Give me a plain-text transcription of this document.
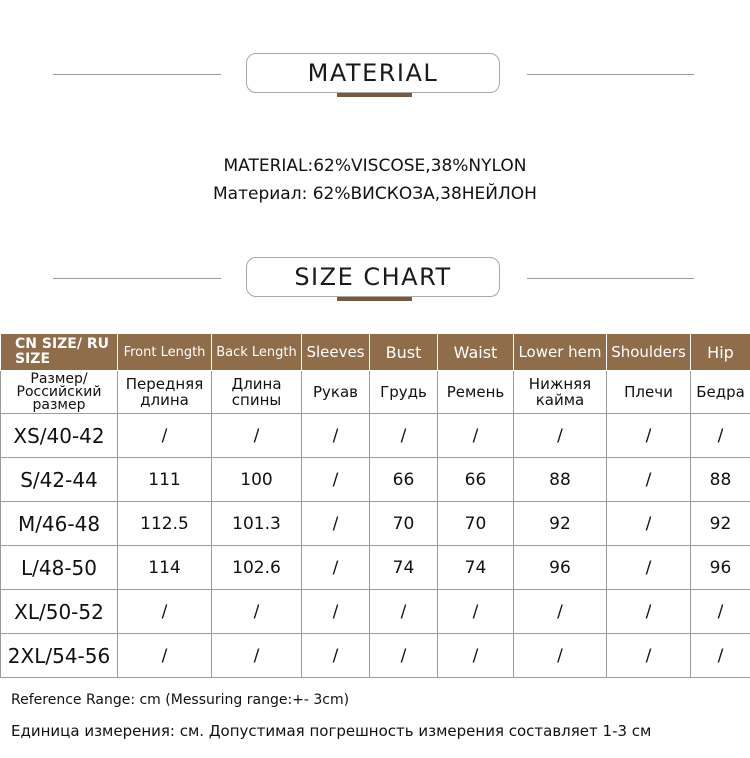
MATERIAL
MATERIAL:62%VISCOSE,38%NYLON
Материал: 62%ВИСКОЗА,38НЕЙЛОН
SIZE CHART
CN SIZE/ RU SIZE	Front Length	Back Length	Sleeves	Bust	Waist	Lower hem	Shoulders	Hip
Размер/ Российский размер	Передняя длина	Длина спины	Рукав	Грудь	Ремень	Нижняя кайма	Плечи	Бедра
XS/40-42	/	/	/	/	/	/	/	/
S/42-44	111	100	/	66	66	88	/	88
M/46-48	112.5	101.3	/	70	70	92	/	92
L/48-50	114	102.6	/	74	74	96	/	96
XL/50-52	/	/	/	/	/	/	/	/
2XL/54-56	/	/	/	/	/	/	/	/
Reference Range: cm (Messuring range:+- 3cm)
Единица измерения: см. Допустимая погрешность измерения составляет 1-3 см
